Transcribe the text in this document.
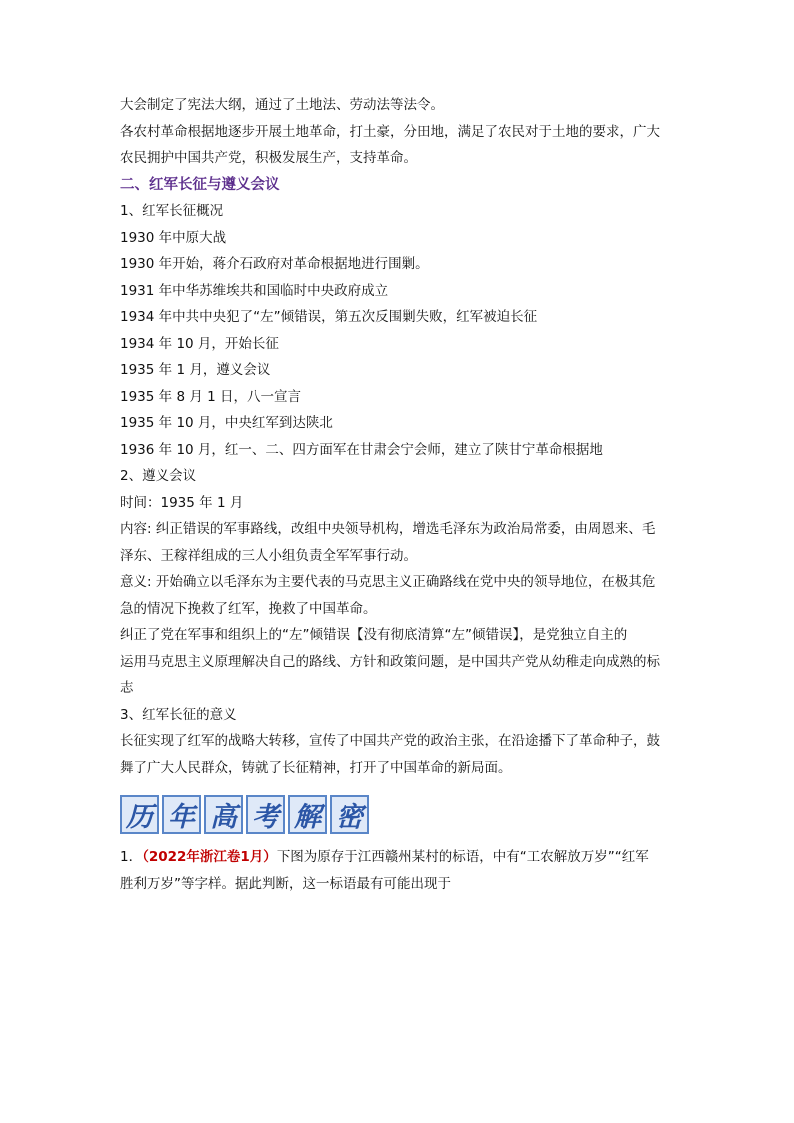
大会制定了宪法大纲，通过了土地法、劳动法等法令。
各农村革命根据地逐步开展土地革命，打土豪，分田地，满足了农民对于土地的要求，广大
农民拥护中国共产党，积极发展生产，支持革命。
二、红军长征与遵义会议
1、红军长征概况
1930 年中原大战
1930 年开始，蒋介石政府对革命根据地进行围剿。
1931 年中华苏维埃共和国临时中央政府成立
1934 年中共中央犯了“左”倾错误，第五次反围剿失败，红军被迫长征
1934 年 10 月，开始长征
1935 年 1 月，遵义会议
1935 年 8 月 1 日，八一宣言
1935 年 10 月，中央红军到达陕北
1936 年 10 月，红一、二、四方面军在甘肃会宁会师，建立了陕甘宁革命根据地
2、遵义会议
时间：1935 年 1 月
内容: 纠正错误的军事路线，改组中央领导机构，增选毛泽东为政治局常委，由周恩来、毛
泽东、王稼祥组成的三人小组负责全军军事行动。
意义: 开始确立以毛泽东为主要代表的马克思主义正确路线在党中央的领导地位，在极其危
急的情况下挽救了红军，挽救了中国革命。
纠正了党在军事和组织上的“左”倾错误【没有彻底清算“左”倾错误】，是党独立自主的
运用马克思主义原理解决自己的路线、方针和政策问题，是中国共产党从幼稚走向成熟的标
志
3、红军长征的意义
长征实现了红军的战略大转移，宣传了中国共产党的政治主张，在沿途播下了革命种子，鼓
舞了广大人民群众，铸就了长征精神，打开了中国革命的新局面。
历 年 高 考 解 密
1．（2022年浙江卷1月）下图为原存于江西赣州某村的标语，中有“工农解放万岁”“红军
胜利万岁”等字样。据此判断，这一标语最有可能出现于
